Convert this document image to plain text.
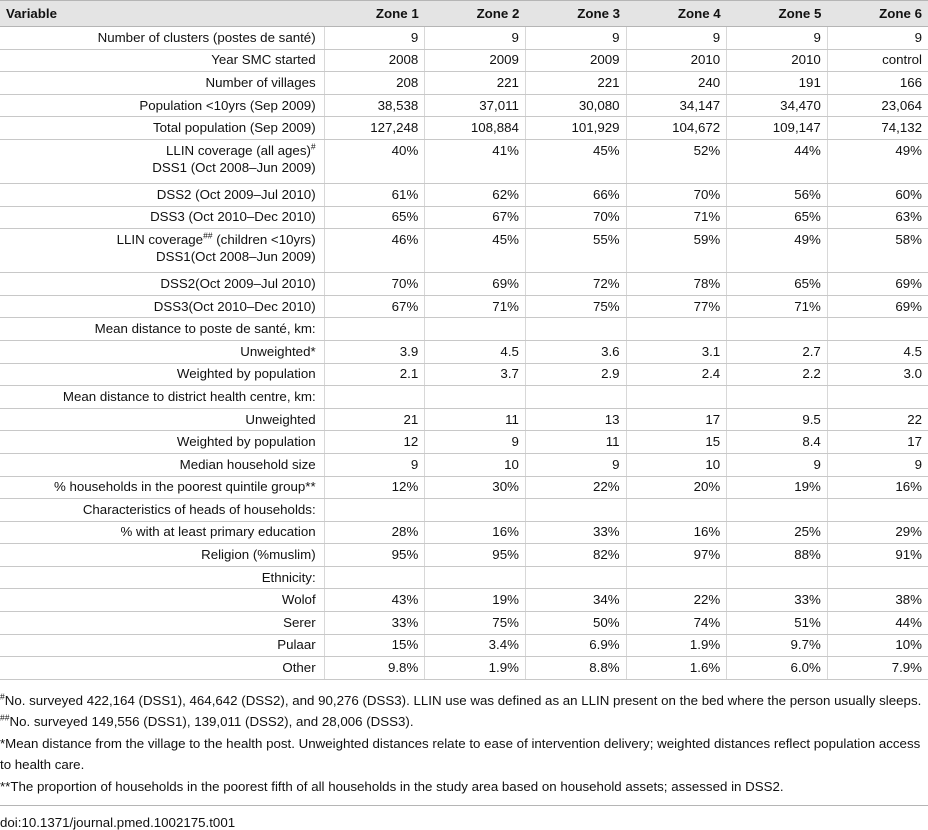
Variable	Zone 1	Zone 2	Zone 3	Zone 4	Zone 5	Zone 6
Number of clusters (postes de santé)	9	9	9	9	9	9
Year SMC started	2008	2009	2009	2010	2010	control
Number of villages	208	221	221	240	191	166
Population <10yrs (Sep 2009)	38,538	37,011	30,080	34,147	34,470	23,064
Total population (Sep 2009)	127,248	108,884	101,929	104,672	109,147	74,132
LLIN coverage (all ages)#
DSS1 (Oct 2008–Jun 2009)	40%	41%	45%	52%	44%	49%
DSS2 (Oct 2009–Jul 2010)	61%	62%	66%	70%	56%	60%
DSS3 (Oct 2010–Dec 2010)	65%	67%	70%	71%	65%	63%
LLIN coverage## (children <10yrs)
DSS1(Oct 2008–Jun 2009)	46%	45%	55%	59%	49%	58%
DSS2(Oct 2009–Jul 2010)	70%	69%	72%	78%	65%	69%
DSS3(Oct 2010–Dec 2010)	67%	71%	75%	77%	71%	69%
Mean distance to poste de santé, km:						
Unweighted*	3.9	4.5	3.6	3.1	2.7	4.5
Weighted by population	2.1	3.7	2.9	2.4	2.2	3.0
Mean distance to district health centre, km:						
Unweighted	21	11	13	17	9.5	22
Weighted by population	12	9	11	15	8.4	17
Median household size	9	10	9	10	9	9
% households in the poorest quintile group**	12%	30%	22%	20%	19%	16%
Characteristics of heads of households:						
% with at least primary education	28%	16%	33%	16%	25%	29%
Religion (%muslim)	95%	95%	82%	97%	88%	91%
Ethnicity:						
Wolof	43%	19%	34%	22%	33%	38%
Serer	33%	75%	50%	74%	51%	44%
Pulaar	15%	3.4%	6.9%	1.9%	9.7%	10%
Other	9.8%	1.9%	8.8%	1.6%	6.0%	7.9%

#No. surveyed 422,164 (DSS1), 464,642 (DSS2), and 90,276 (DSS3). LLIN use was defined as an LLIN present on the bed where the person usually sleeps.

##No. surveyed 149,556 (DSS1), 139,011 (DSS2), and 28,006 (DSS3).

*Mean distance from the village to the health post. Unweighted distances relate to ease of intervention delivery; weighted distances reflect population access to health care.

**The proportion of households in the poorest fifth of all households in the study area based on household assets; assessed in DSS2.

doi:10.1371/journal.pmed.1002175.t001
